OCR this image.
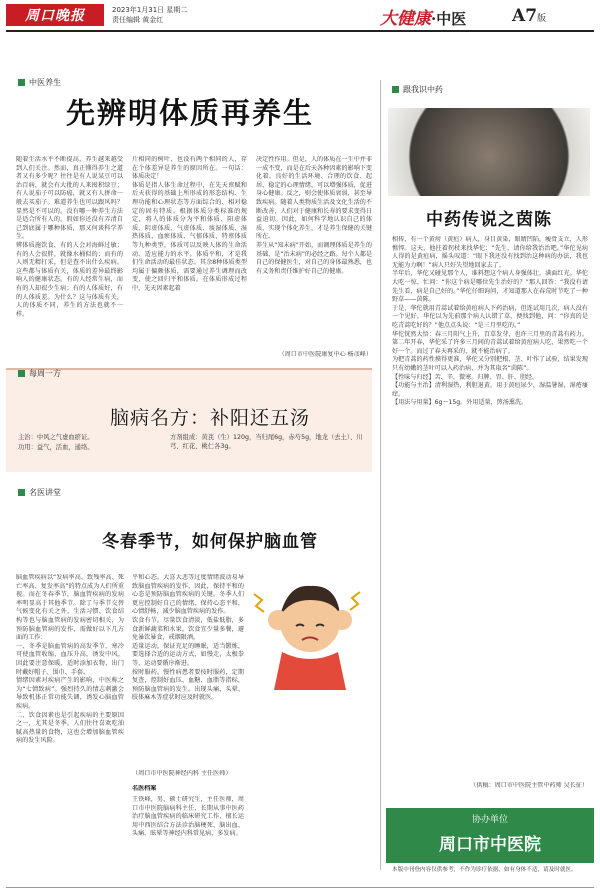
周口晚报	2023年1月31日 星期二
责任编辑 黄金红	大健康·中医	A7版
中医养生
先辨明体质再养生
随着生活水平不断提高，养生越来越受到人们关注。然而，真正懂得养生之道者又有多少呢？往往是有人说某豆可以治百病，就会有大批的人来囤积绿豆；有人说茄子可以防癌，就又有人拼命一般去买茄子。难道养生也可以跟风吗？显然是不可以的。没有哪一种养生方法是适合所有人的。假如你还没有弄清自己到底属于哪种体质，那又何谈科学养生。
辨体质施饮食，有的人会对海鲜过敏；有的人会很胖，就像水桶似的；而有的人则无精打采，但是查不出什么疾病。这些都与体质有关，体质的差异最终影响人的健康状态。有的人经常生病，而有的人却很少生病；有的人体质好，有的人体质差。为什么？这与体质有关，人的体质不同，养生的方法也就不一样。
片相同的树叶，也没有两个相同的人，存在个体差异是养生的原因所在。一句话：体质决定！
体质是指人体生命过程中，在先天禀赋和后天获得的基础上所形成的形态结构、生理功能和心理状态等方面综合的、相对稳定的固有特质。根据体质分类标准的规定，将人的体质分为平和体质、阳虚体质、阴虚体质、气虚体质、痰湿体质、湿热体质、血瘀体质、气郁体质、特禀体质等九种类型。体质可以反映人体的生命活动、适应能力的水平。体质平和，才是我们生命活动的最佳状态。其余8种体质类型均属于偏颇体质，需要通过养生调理而改变，使之回归平和体质。在体质形成过程中，先天因素起着
决定性作用。但是，人的体质在一生中并非一成不变，而是在后天各种因素的影响下变化着。良好的生活环境、合理的饮食、起居、稳定的心理情绪，可以增强体质，促进身心健康。反之，则会使体质衰弱，甚至导致疾病。随着人类物质生活及文化生活的不断改善，人们对于健康和长寿的要求变得日益迫切。因此，如何科学地认识自己的体质，实现个体化养生，才是养生保健的关键所在。
养生从“知未病”开始，而调理体质是养生的基础，是“治未病”的必经之路。每个人都是自己的保健医生，对自己的身体最熟悉，也有义务和责任维护好自己的健康。
（周口市中医院康复中心 杨彦峰）
每周一方
脑病名方：补阳还五汤
主治：中风之气虚血瘀证。
功用：益气，活血，通络。
方剂组成：黄芪（生）120g，当归尾6g，赤芍5g，地龙（去土）、川芎、红花、桃仁各3g。
名医讲堂
冬春季节，如何保护脑血管
脑血管疾病以“发病率高、致残率高、死亡率高、复发率高”的特点成为人们所重视。而在冬春季节，脑血管疾病的发病率明显高于其他季节。除了与季节交替气候变化有关之外，生活习惯、饮食结构等也与脑血管病的发病密切相关，为预防脑血管病的发作，需做好以下几方面的工作：
一、冬季是脑血管病的高发季节，寒冷可使血管收缩，血压升高，诱发中风，因此要注意保暖，适时添加衣物，出门时戴好帽子、围巾、手套。
情绪因素对疾病产生的影响，中医称之为“七情致病”。强烈持久的情志刺激会导致机体正常功能失调，诱发心脑血管疾病。
二、饮食因素也是引起疾病的主要原因之一，尤其是冬季，人们往往喜欢吃油腻高热量的食物，这也会增加脑血管疾病的发生风险。
平和心态。大喜大悲等过度情绪波动易导致脑血管疾病的发作，因此，保持平和的心态是预防脑血管疾病的关键。冬季人们更应控制好自己的情绪，保持心态平和，心情舒畅，减少脑血管疾病的发作。
饮食有节。尽量饮食清淡，低盐低脂，多食新鲜蔬菜和水果。饮食宜少量多餐，避免暴饮暴食，戒烟限酒。
适量运动。保证充足的睡眠，适当锻炼，要选择合适的运动方式，如慢走、太极拳等，运动要循序渐进。
按时服药。慢性病患者要按时服药，定期复查，控制好血压、血糖、血脂等指标，预防脑血管病的发生。出现头痛、头晕、肢体麻木等症状时应及时就医。
（周口市中医院神经内科 主任医师）
名医档案
王铁峰，男，硕士研究生，主任医师，周口市中医院脑病科主任，长期从事中医药治疗脑血管疾病的临床研究工作，擅长运用中西医结合方法诊治脑梗死、脑出血、头痛、眩晕等神经内科常见病、多发病。
跟我识中药
中药传说之茵陈
相传，有一个黄痨（黄疸）病人，身目黄染，眼睛凹陷，瘦骨支立，人形憔悴。这天，他拄着拐杖来找华佗：“先生，请你给我治治吧。”华佗见病人得的是黄疸病，摇头叹道：“眼下我还没有找到治这种病的办法，我也无能为力啊！”病人只好失望地回家去了。
半年后，华佗又碰见那个人，谁料想这个病人身强体壮，满面红光。华佗大吃一惊，忙问：“你这个病是哪位先生治好的？”那人回答：“我没有请先生看，病是自己好的。”华佗仔细询问，才知道那人在春荒时节吃了一种野草——茵陈。
于是，华佗就用青蒿试着给黄疸病人下药治病，但连试用几次，病人没有一个见好。华佗以为先前那个病人认错了草，便找到他，问：“你真的是吃青蒿吃好的？”他点点头说：“是三月里吃的。”
华佗恍然大悟：春三月阳气上升，百草发芽，也许三月里的青蒿有药力。第二年开春，华佗采了许多三月间的青蒿试着给黄疸病人吃，果然吃一个好一个。而过了春天再采的，就不能治病了。
为把青蒿的药性摸得更准，华佗又分别把根、茎、叶作了试验，结果发现只有幼嫩的茎叶可以入药治病，并为其取名“茵陈”。
【性味与归经】苦、辛，微寒。归脾、胃、肝、胆经。
【功能与主治】清利湿热，利胆退黄。用于黄疸尿少，湿温暑湿，湿疮瘙痒。
【用法与用量】6g～15g。外用适量，煎汤熏洗。
（供稿：周口市中医院主管中药师 吴长征）
协办单位
周口市中医院
本版中刊登内容仅供参考，不作为诊疗依据，如有身体不适，请及时就医。
